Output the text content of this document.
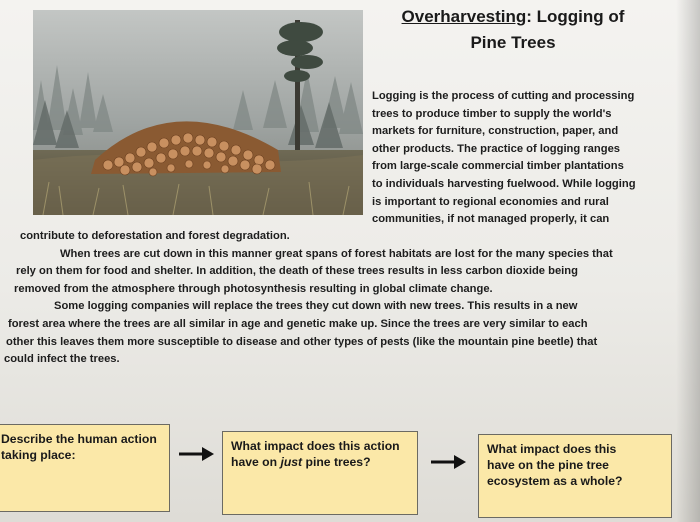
Overharvesting: Logging of
Pine Trees
Logging is the process of cutting and processing
trees to produce timber to supply the world's
markets for furniture, construction, paper, and
other products. The practice of logging ranges
from large-scale commercial timber plantations
to individuals harvesting fuelwood. While logging
is important to regional economies and rural
communities, if not managed properly, it can
contribute to deforestation and forest degradation.
When trees are cut down in this manner great spans of forest habitats are lost for the many species that
rely on them for food and shelter. In addition, the death of these trees results in less carbon dioxide being
removed from the atmosphere through photosynthesis resulting in global climate change.
Some logging companies will replace the trees they cut down with new trees. This results in a new
forest area where the trees are all similar in age and genetic make up. Since the trees are very similar to each
other this leaves them more susceptible to disease and other types of pests (like the mountain pine beetle) that
could infect the trees.
Describe the human action
taking place:
What impact does this action
have on just pine trees?
What impact does this
have on the pine tree
ecosystem as a whole?
